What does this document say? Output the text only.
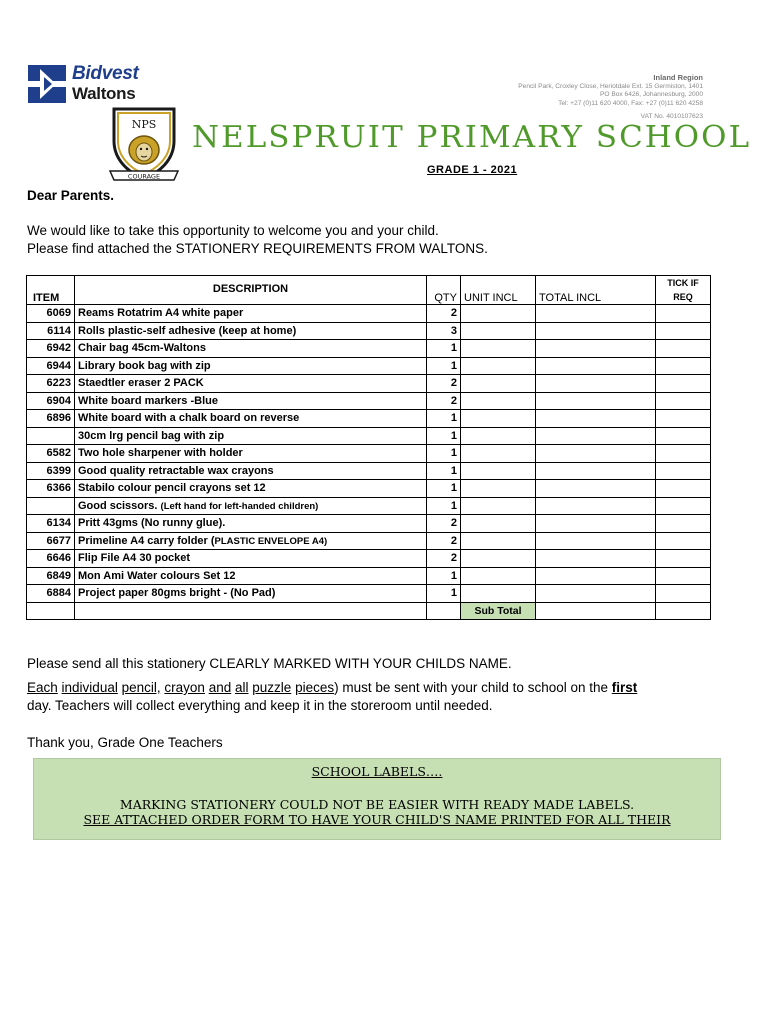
Bidvest
Waltons
Inland Region
Pencil Park, Croxley Close, Heriotdale Ext. 15 Germiston, 1401
PO Box 6426, Johannesburg, 2000
Tel: +27 (0)11 620 4000, Fax: +27 (0)11 620 4258
VAT No. 4010107623
NPS
COURAGE
NELSPRUIT PRIMARY SCHOOL
GRADE 1 - 2021
Dear Parents.
We would like to take this opportunity to welcome you and your child.
Please find attached the STATIONERY REQUIREMENTS FROM WALTONS.
ITEM	DESCRIPTION	QTY	UNIT INCL	TOTAL INCL	TICK IF
REQ
6069	Reams Rotatrim A4 white paper	2			
6114	Rolls plastic-self adhesive (keep at home)	3			
6942	Chair bag 45cm-Waltons	1			
6944	Library book bag with zip	1			
6223	Staedtler eraser 2 PACK	2			
6904	White board markers -Blue	2			
6896	White board with a chalk board on reverse	1			
	30cm lrg pencil bag with zip	1			
6582	Two hole sharpener with holder	1			
6399	Good quality retractable wax crayons	1			
6366	Stabilo colour pencil crayons set 12	1			
	Good scissors. (Left hand for left-handed children)	1			
6134	Pritt 43gms (No runny glue).	2			
6677	Primeline A4 carry folder (PLASTIC ENVELOPE A4)	2			
6646	Flip File A4 30 pocket	2			
6849	Mon Ami Water colours Set 12	1			
6884	Project paper 80gms bright - (No Pad)	1			
			Sub Total		
Please send all this stationery CLEARLY MARKED WITH YOUR CHILDS NAME.
Each individual pencil, crayon and all puzzle pieces) must be sent with your child to school on the first
day. Teachers will collect everything and keep it in the storeroom until needed.
Thank you, Grade One Teachers
SCHOOL LABELS….
MARKING STATIONERY COULD NOT BE EASIER WITH READY MADE LABELS.
SEE ATTACHED ORDER FORM TO HAVE YOUR CHILD'S NAME PRINTED FOR ALL THEIR
